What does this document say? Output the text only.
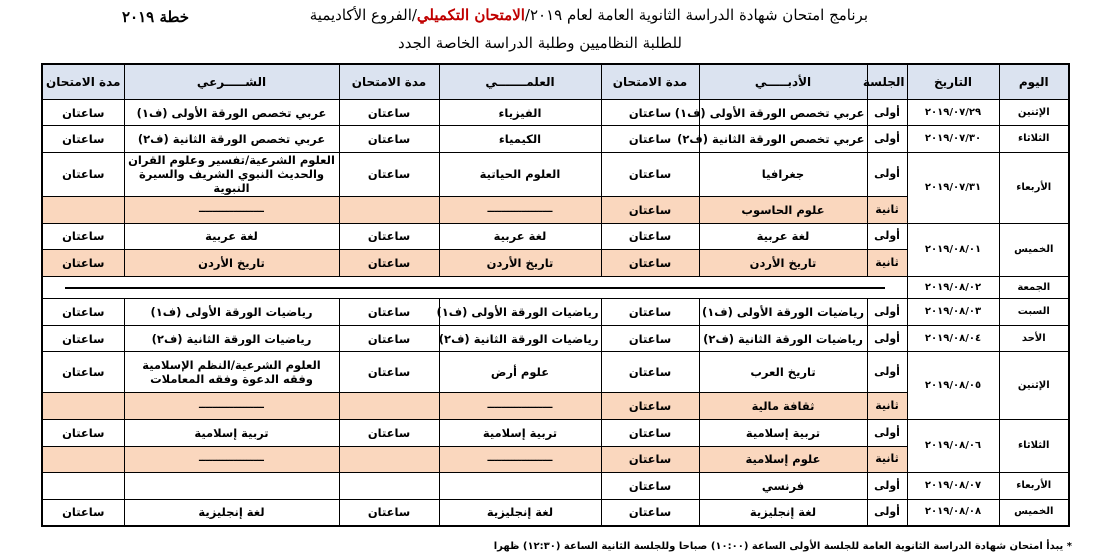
برنامج امتحان شهادة الدراسة الثانوية العامة لعام ٢٠١٩/الامتحان التكميلي/الفروع الأكاديمية
خطة ٢٠١٩
للطلبة النظاميين وطلبة الدراسة الخاصة الجدد
اليوم	التاريخ	الجلسة	الأدبـــــي	مدة الامتحان	العلمـــــــي	مدة الامتحان	الشـــــرعي	مدة الامتحان
الإثنين	٢٠١٩/٠٧/٢٩	أولى	عربي تخصص الورقة الأولى (ف١)	ساعتان	الفيزياء	ساعتان	عربي تخصص الورقة الأولى (ف١)	ساعتان
الثلاثاء	٢٠١٩/٠٧/٣٠	أولى	عربي تخصص الورقة الثانية (ف٢)	ساعتان	الكيمياء	ساعتان	عربي تخصص الورقة الثانية (ف٢)	ساعتان
الأربعاء	٢٠١٩/٠٧/٣١	أولى	جغرافيا	ساعتان	العلوم الحياتية	ساعتان	العلوم الشرعية/تفسير وعلوم القران والحديث النبوي الشريف والسيرة النبوية	ساعتان
		ثانية	علوم الحاسوب	ساعتان	ـــــــــــــــــــ		ـــــــــــــــــــ	
الخميس	٢٠١٩/٠٨/٠١	أولى	لغة عربية	ساعتان	لغة عربية	ساعتان	لغة عربية	ساعتان
		ثانية	تاريخ الأردن	ساعتان	تاريخ الأردن	ساعتان	تاريخ الأردن	ساعتان
الجمعة	٢٠١٩/٠٨/٠٢							

السبت	٢٠١٩/٠٨/٠٣	أولى	رياضيات الورقة الأولى (ف١)	ساعتان	رياضيات الورقة الأولى (ف١)	ساعتان	رياضيات الورقة الأولى (ف١)	ساعتان
الأحد	٢٠١٩/٠٨/٠٤	أولى	رياضيات الورقة الثانية (ف٢)	ساعتان	رياضيات الورقة الثانية (ف٢)	ساعتان	رياضيات الورقة الثانية (ف٢)	ساعتان
الإثنين	٢٠١٩/٠٨/٠٥	أولى	تاريخ العرب	ساعتان	علوم أرض	ساعتان	العلوم الشرعية/النظم الإسلامية وفقه الدعوة وفقه المعاملات	ساعتان
		ثانية	ثقافة مالية	ساعتان	ـــــــــــــــــــ		ـــــــــــــــــــ	
الثلاثاء	٢٠١٩/٠٨/٠٦	أولى	تربية إسلامية	ساعتان	تربية إسلامية	ساعتان	تربية إسلامية	ساعتان
		ثانية	علوم إسلامية	ساعتان	ـــــــــــــــــــ		ـــــــــــــــــــ	
الأربعاء	٢٠١٩/٠٨/٠٧	أولى	فرنسي	ساعتان				
الخميس	٢٠١٩/٠٨/٠٨	أولى	لغة إنجليزية	ساعتان	لغة إنجليزية	ساعتان	لغة إنجليزية	ساعتان
* يبدأ امتحان شهادة الدراسة الثانوية العامة للجلسة الأولى الساعة (١٠:٠٠) صباحا وللجلسة الثانية الساعة (١٢:٣٠) ظهرا
